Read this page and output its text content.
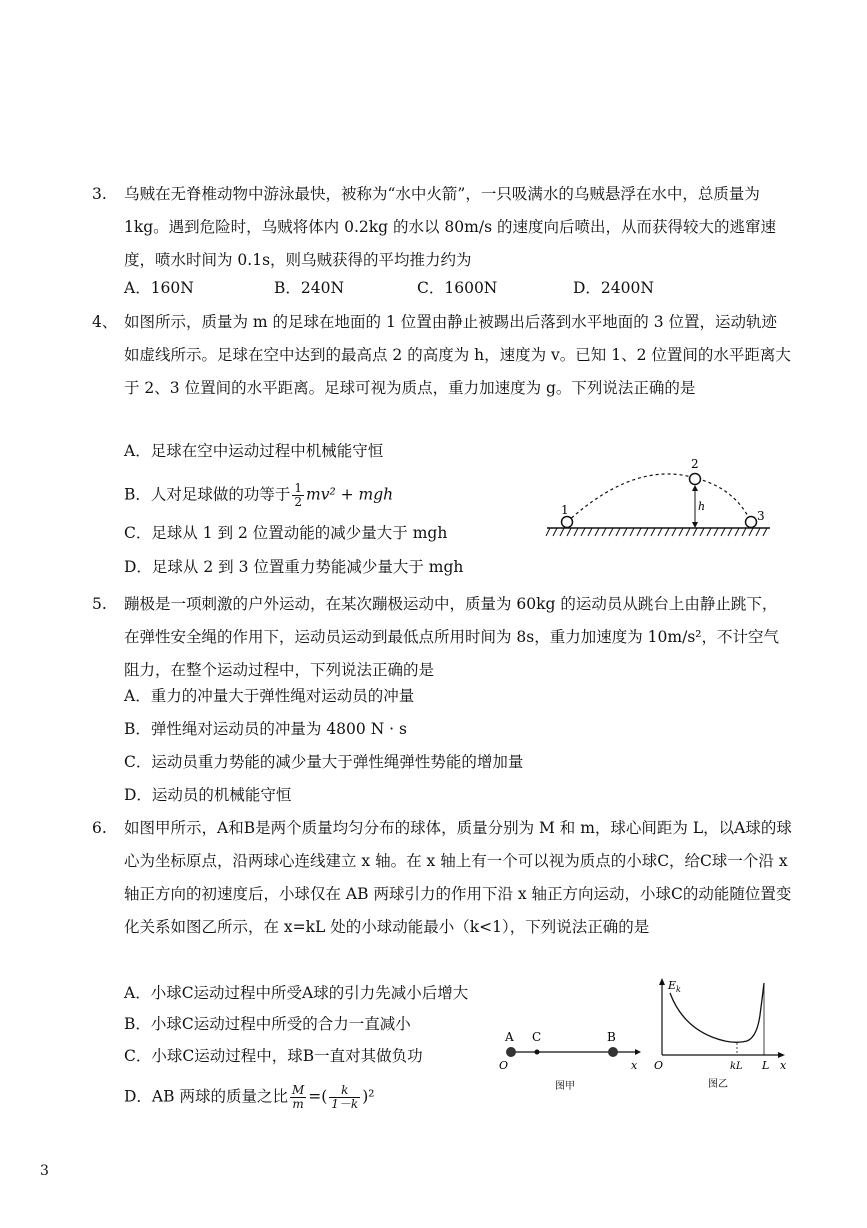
3. 乌贼在无脊椎动物中游泳最快，被称为“水中火箭”，一只吸满水的乌贼悬浮在水中，总质量为1kg。遇到危险时，乌贼将体内 0.2kg 的水以 80m/s 的速度向后喷出，从而获得较大的逃窜速度，喷水时间为 0.1s，则乌贼获得的平均推力约为
A．160N	B．240N	C．1600N	D．2400N
4、 如图所示，质量为 m 的足球在地面的 1 位置由静止被踢出后落到水平地面的 3 位置，运动轨迹如虚线所示。足球在空中达到的最高点 2 的高度为 h，速度为 v。已知 1、2 位置间的水平距离大于 2、3 位置间的水平距离。足球可视为质点，重力加速度为 g。下列说法正确的是
A．足球在空中运动过程中机械能守恒
B．人对足球做的功等于 $\frac{1}{2} mv^2$ + mgh
C．足球从 1 到 2 位置动能的减少量大于 mgh
D．足球从 2 到 3 位置重力势能减少量大于 mgh
1
2
3
h
5. 蹦极是一项刺激的户外运动，在某次蹦极运动中，质量为 60kg 的运动员从跳台上由静止跳下，在弹性安全绳的作用下，运动员运动到最低点所用时间为 8s，重力加速度为 10m/s²，不计空气阻力，在整个运动过程中，下列说法正确的是
A．重力的冲量大于弹性绳对运动员的冲量
B．弹性绳对运动员的冲量为 4800 N · s
C．运动员重力势能的减少量大于弹性绳弹性势能的增加量
D．运动员的机械能守恒
6. 如图甲所示，A和B是两个质量均匀分布的球体，质量分别为 M 和 m，球心间距为 L，以A球的球心为坐标原点，沿两球心连线建立 x 轴。在 x 轴上有一个可以视为质点的小球C，给C球一个沿 x 轴正方向的初速度后，小球仅在 AB 两球引力的作用下沿 x 轴正方向运动，小球C的动能随位置变化关系如图乙所示，在 x=kL 处的小球动能最小（k<1），下列说法正确的是
A．小球C运动过程中所受A球的引力先减小后增大
B．小球C运动过程中所受的合力一直减小
C．小球C运动过程中，球B一直对其做负功
D．AB 两球的质量之比 $\frac{M}{m}$ =( $\frac{k}{1-k} )^2$
A C	B
O	x
图甲
$E_k$
O	kL L x
图乙
3
